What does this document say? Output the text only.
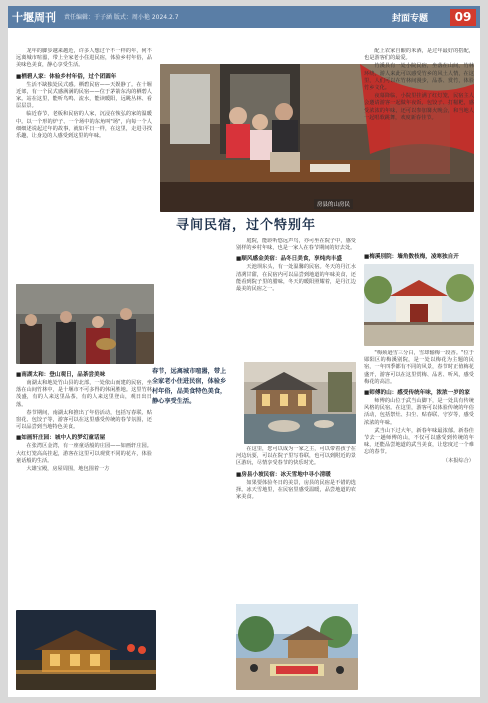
十堰周刊 责任编辑：于子涵 版式：周小艳 2024.2.7	封面专题	09

龙年的脚步越来越近，许多人想过个不一样的年，何不远离城市喧嚣，带上全家老小住进民宿，体验乡村年俗，品美味色美食，静心享受生活。

■栖碧人家：体验乡村年俗，过个团圆年

生活不缺独处民式感。栖碧民宿——天娱静了。在十堰近郊，有一个民式感满满的民宿——位于茅箭东沟的栖碧人家。站在这里，能听鸟鸣、流水，能读暖阳，远眺丛林、看层层景。

临近春节，老板和民宿的人家，沉浸在恢弘的家的温暖中。以一个形的炉子、一个场中的东角叫"场"，向每一个人细细述说起过年的故事，就如平日一样，在这里，走进寻找乐趣，让身边的人感受到这里的年味。

■南湖太和：登山观日，品茶尝美味

南湖太和地处竹山县的北部，一处依山而建的民宿，坐落在山间竹林中，是十堰市不可多得的休闲胜地。这里竹林茂盛，有的人来这里品茶，有的人来这里登山，观日出日落。

春节期间，南湖太和推出了年俗活动，包括写春联、贴窗花、包饺子等，游客可以在这里感受传统的春节氛围，还可以品尝到当地特色美食。

■如画轩庄园：城中人的梦幻童话屋

在张湾区金湾，有一座童话般的庄园——如画轩庄园。大红灯笼高高挂起，游客在这里可以观赏不同的花卉，体验童话般的生活。

大雄宝殿，房屋周围，地包围着一方

房县的山房民
寻间民宿，过个特别年

庭院，能聆听悠远声鸟，亦可坐在院子中，感受别样的乡村年味，也是一家人在春节期间的好去处。

■顺风感金美宿：品冬日美食，享炖肉丰盛

天池坝东头，有一处温馨的民宿。冬天的丹江水清冽甘甜，在民宿内可以品尝到地道的年味美食，还能看到院子里的腊味，冬天的暖阳照耀着，是丹江边最美的民宿之一。

春节，远离城市喧嚣，带上全家老小住进民宿，体验乡村年俗，品美食特色美食，静心享受生活。

在这里，您可以成为一家之主，可以带着孩子在河边玩耍，可以在院子里写春联，也可以到附近的景区游玩，尽情享受春节的快乐时光。

■房县小坡民宿：冰天雪地中寻小清暖

如果要体验冬日的美景，房县的民宿是不错的选择。冰天雪地里，在民宿里感受温暖，品尝地道的农家美食。

配上农家自酿的米酒，是过年最好的搭配，也是游客们的最爱。

竹溪县有一处小院民宿，坐落在山间，竹林环绕，游人来此可以感受竹乡的风土人情，在这里，人们可以在竹林间漫步，品茶、赏竹，体验竹乡文化。

夜幕降临，小院里挂满了红灯笼，民宿主人会邀请游客一起做年夜饭，包饺子、打糍粑，感受浓浓的年味，还可以参加篝火晚会，和当地人一起唱歌跳舞，欢度新春佳节。

■梅溪别院：墙角数枝梅，凌寒独自开

"梅须逊雪三分白，雪却输梅一段香。"位于郧阳区的梅溪别院，是一处以梅花为主题的民宿，一年四季都有不同的风景，春节时正值梅花盛开，游客可以在这里赏梅、品茗、听风，感受梅花的高洁。

■师傅的山：感受传统年味，浓浓一岁的家

师傅的山位于武当山脚下，是一处具有传统风格的民宿。在这里，游客可以体验传统的年俗活动，包括祭灶、扫尘、贴春联、守岁等，感受浓浓的年味。

武当山下过大年，新春年味最浓郁。新春佳节去一趟师傅的山，不仅可以感受到传统的年味，还能品尝地道的武当美食，让您度过一个难忘的春节。

（本报综合）
